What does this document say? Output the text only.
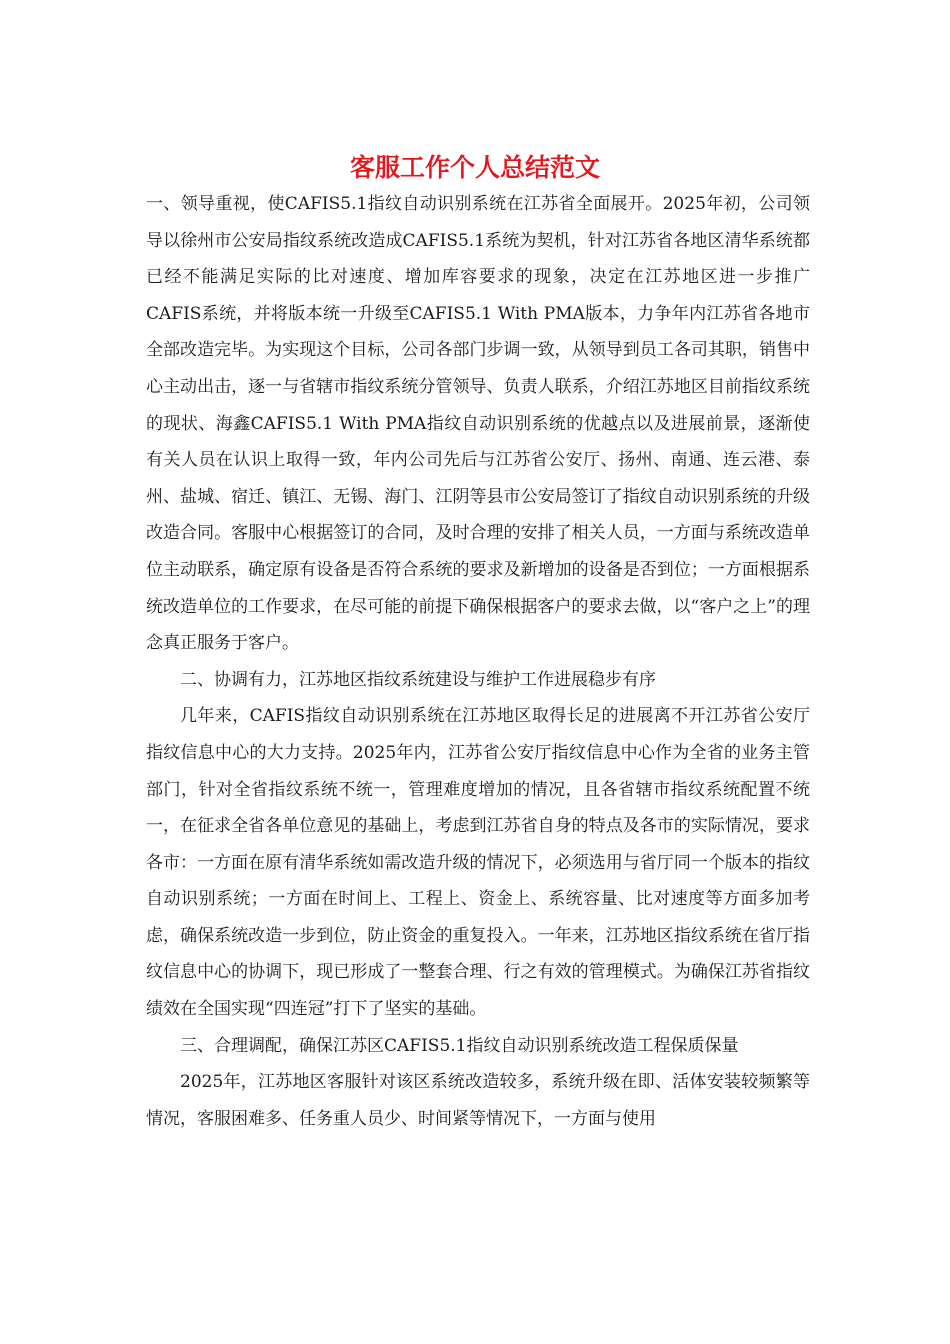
客服工作个人总结范文

一、领导重视，使CAFIS5.1指纹自动识别系统在江苏省全面展开。2025年初，公司领导以徐州市公安局指纹系统改造成CAFIS5.1系统为契机，针对江苏省各地区清华系统都已经不能满足实际的比对速度、增加库容要求的现象，决定在江苏地区进一步推广CAFIS系统，并将版本统一升级至CAFIS5.1 With PMA版本，力争年内江苏省各地市全部改造完毕。为实现这个目标，公司各部门步调一致，从领导到员工各司其职，销售中心主动出击，逐一与省辖市指纹系统分管领导、负责人联系，介绍江苏地区目前指纹系统的现状、海鑫CAFIS5.1 With PMA指纹自动识别系统的优越点以及进展前景，逐渐使有关人员在认识上取得一致，年内公司先后与江苏省公安厅、扬州、南通、连云港、泰州、盐城、宿迁、镇江、无锡、海门、江阴等县市公安局签订了指纹自动识别系统的升级改造合同。客服中心根据签订的合同，及时合理的安排了相关人员，一方面与系统改造单位主动联系，确定原有设备是否符合系统的要求及新增加的设备是否到位；一方面根据系统改造单位的工作要求，在尽可能的前提下确保根据客户的要求去做，以“客户之上”的理念真正服务于客户。

二、协调有力，江苏地区指纹系统建设与维护工作进展稳步有序

几年来，CAFIS指纹自动识别系统在江苏地区取得长足的进展离不开江苏省公安厅指纹信息中心的大力支持。2025年内，江苏省公安厅指纹信息中心作为全省的业务主管部门，针对全省指纹系统不统一，管理难度增加的情况，且各省辖市指纹系统配置不统一，在征求全省各单位意见的基础上，考虑到江苏省自身的特点及各市的实际情况，要求各市：一方面在原有清华系统如需改造升级的情况下，必须选用与省厅同一个版本的指纹自动识别系统；一方面在时间上、工程上、资金上、系统容量、比对速度等方面多加考虑，确保系统改造一步到位，防止资金的重复投入。一年来，江苏地区指纹系统在省厅指纹信息中心的协调下，现已形成了一整套合理、行之有效的管理模式。为确保江苏省指纹绩效在全国实现“四连冠”打下了坚实的基础。

三、合理调配，确保江苏区CAFIS5.1指纹自动识别系统改造工程保质保量

2025年，江苏地区客服针对该区系统改造较多，系统升级在即、活体安装较频繁等情况，客服困难多、任务重人员少、时间紧等情况下，一方面与使用
